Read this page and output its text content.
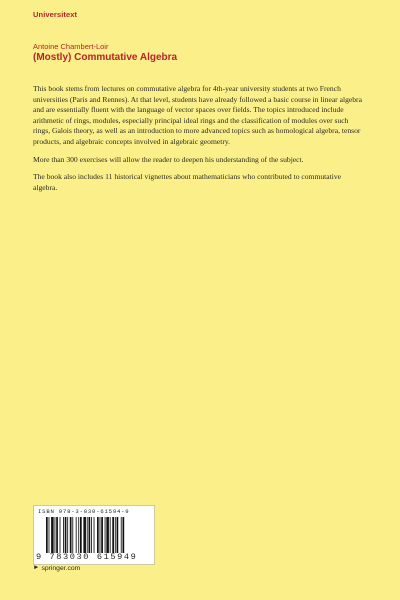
Universitext
Antoine Chambert-Loir
(Mostly) Commutative Algebra

This book stems from lectures on commutative algebra for 4th-year university students at two French universities (Paris and Rennes). At that level, students have already followed a basic course in linear algebra and are essentially fluent with the language of vector spaces over fields. The topics introduced include arithmetic of rings, modules, especially principal ideal rings and the classification of modules over such rings, Galois theory, as well as an introduction to more advanced topics such as homological algebra, tensor products, and algebraic concepts involved in algebraic geometry.

More than 300 exercises will allow the reader to deepen his understanding of the subject.

The book also includes 11 historical vignettes about mathematicians who contributed to commutative algebra.

ISBN 978-3-030-61594-9
9 783030 615949
► springer.com
